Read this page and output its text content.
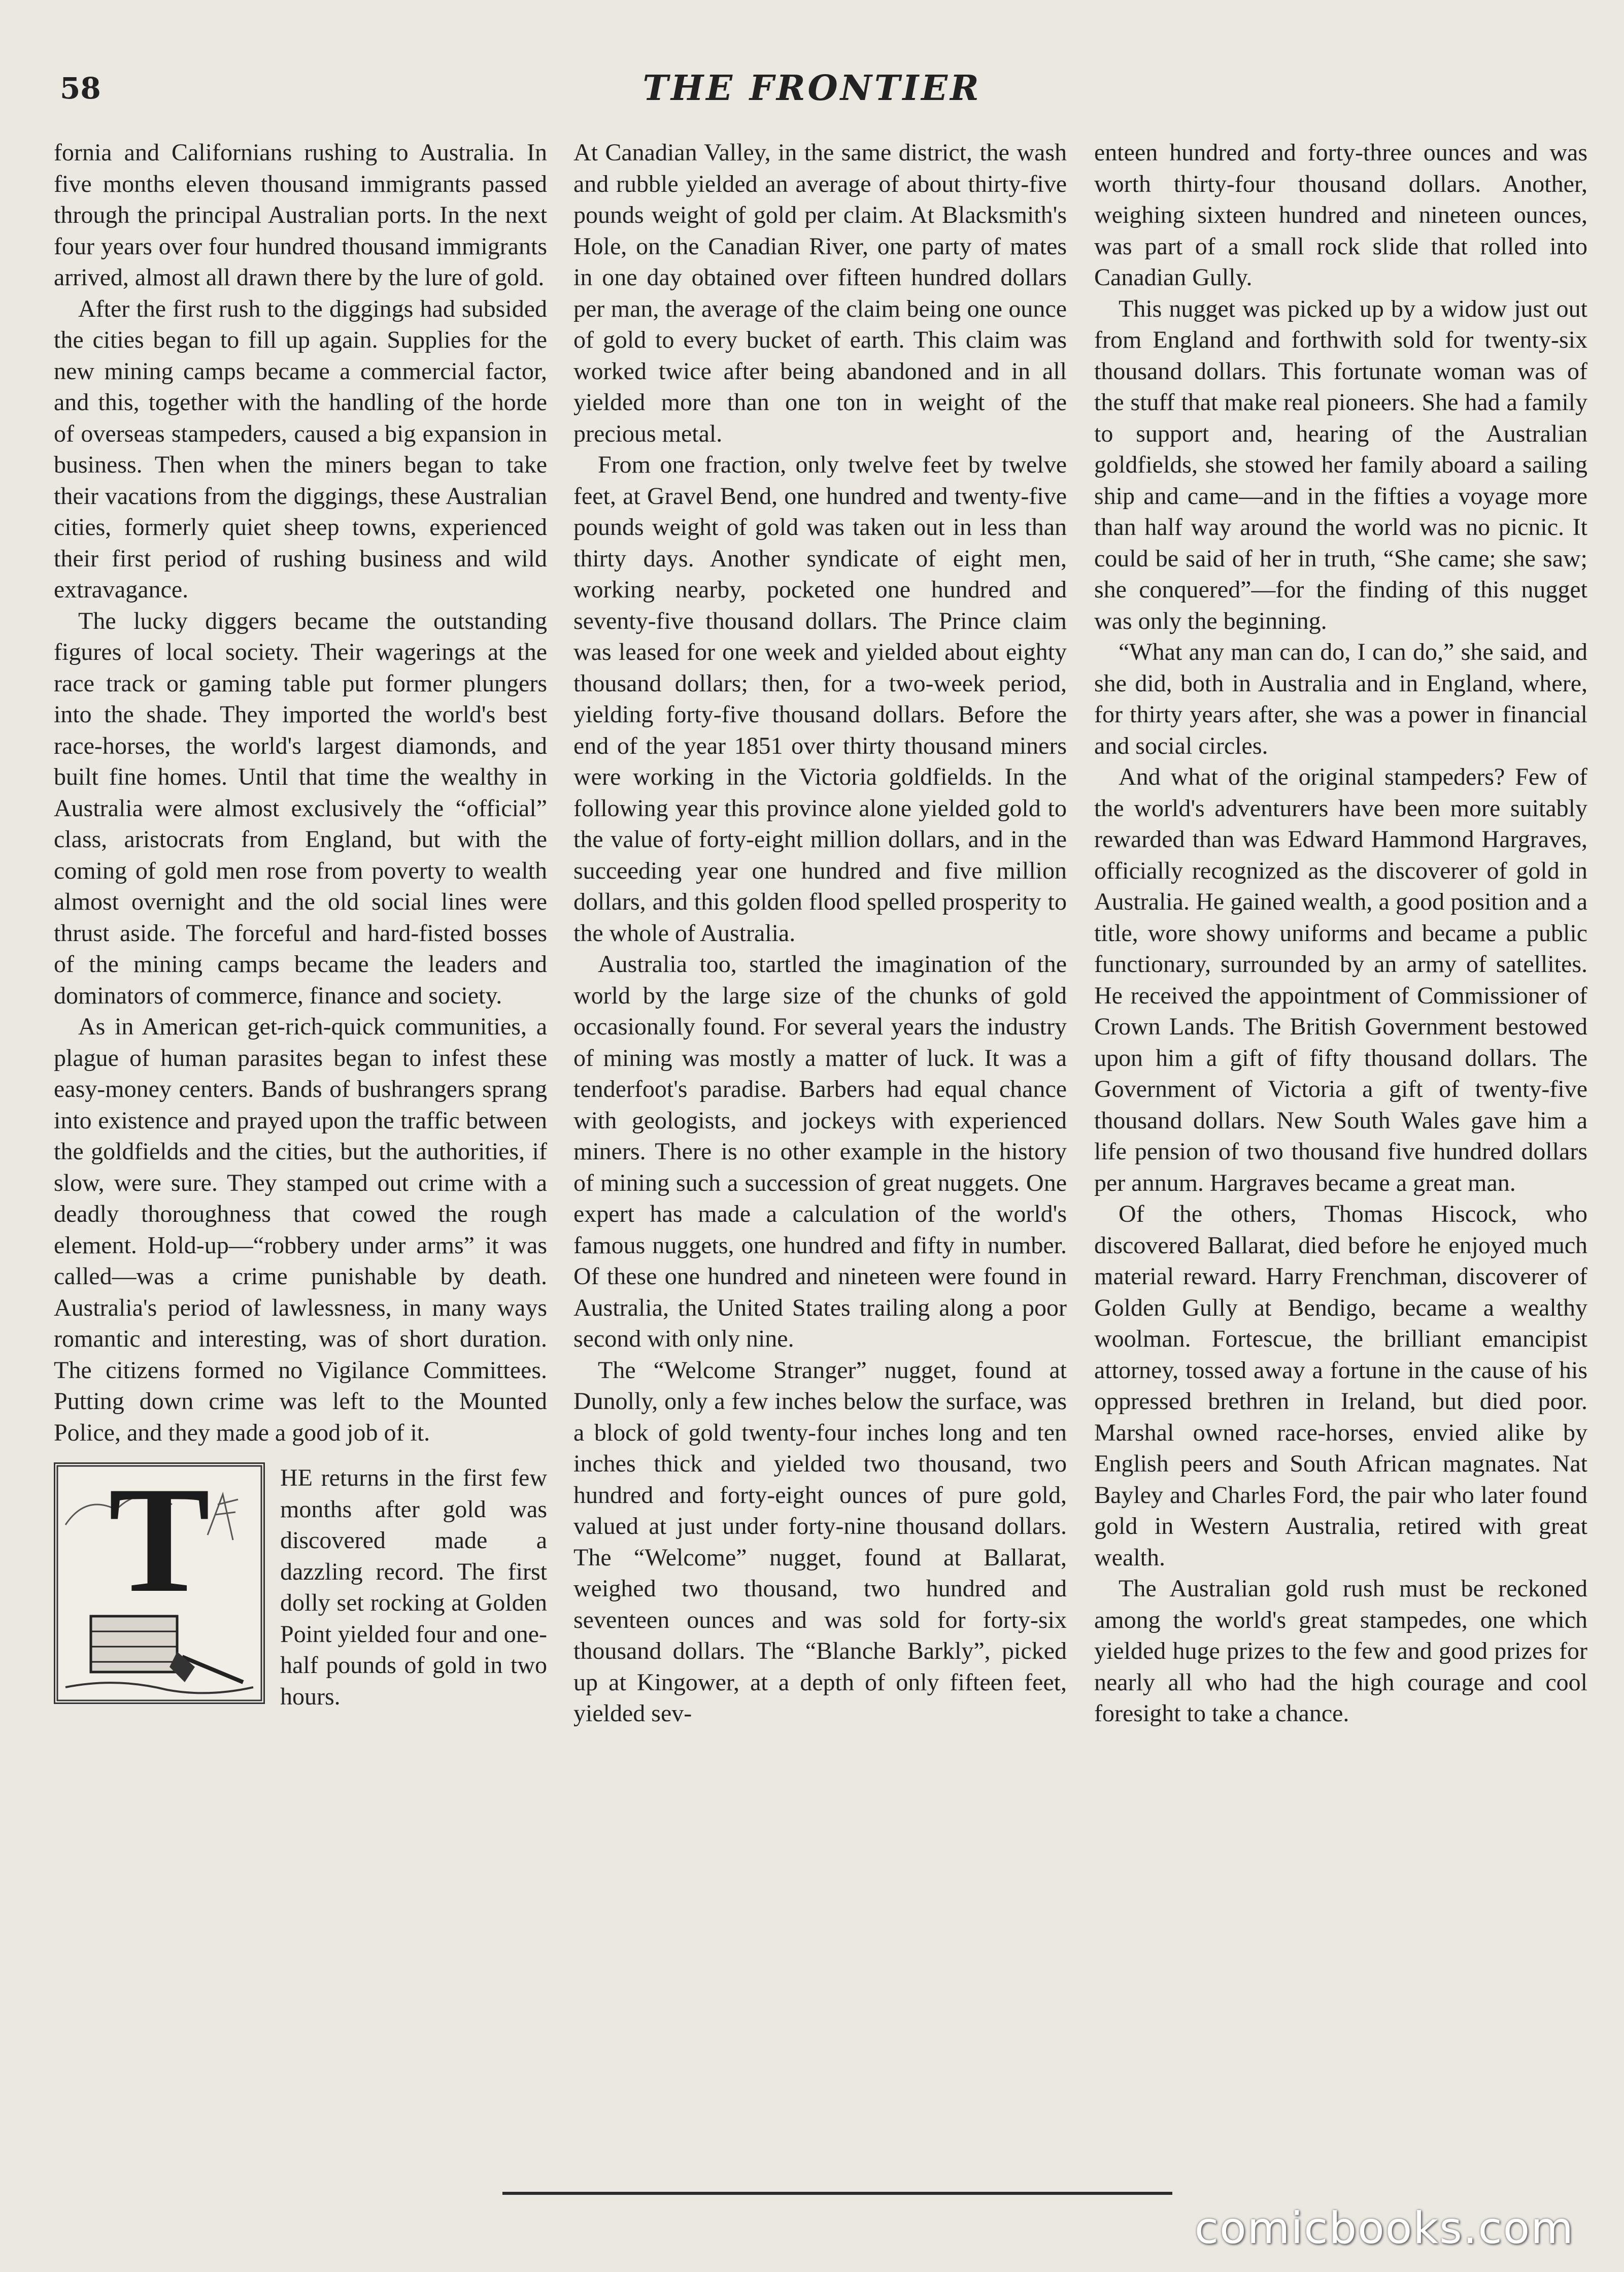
58	THE FRONTIER

fornia and Californians rushing to Australia. In five months eleven thousand immigrants passed through the principal Australian ports. In the next four years over four hundred thousand immigrants arrived, almost all drawn there by the lure of gold.

After the first rush to the diggings had subsided the cities began to fill up again. Supplies for the new mining camps became a commercial factor, and this, together with the handling of the horde of overseas stampeders, caused a big expansion in business. Then when the miners began to take their vacations from the diggings, these Australian cities, formerly quiet sheep towns, experienced their first period of rushing business and wild extravagance.

The lucky diggers became the outstanding figures of local society. Their wagerings at the race track or gaming table put former plungers into the shade. They imported the world's best race-horses, the world's largest diamonds, and built fine homes. Until that time the wealthy in Australia were almost exclusively the “official” class, aristocrats from England, but with the coming of gold men rose from poverty to wealth almost overnight and the old social lines were thrust aside. The forceful and hard-fisted bosses of the mining camps became the leaders and dominators of commerce, finance and society.

As in American get-rich-quick communities, a plague of human parasites began to infest these easy-money centers. Bands of bushrangers sprang into existence and prayed upon the traffic between the goldfields and the cities, but the authorities, if slow, were sure. They stamped out crime with a deadly thoroughness that cowed the rough element. Hold-up—“robbery under arms” it was called—was a crime punishable by death. Australia's period of lawlessness, in many ways romantic and interesting, was of short duration. The citizens formed no Vigilance Committees. Putting down crime was left to the Mounted Police, and they made a good job of it.

T	HE returns in the first few months after gold was discovered made a dazzling record. The first dolly set rocking at Golden Point yielded four and one-half pounds of gold in two hours.

At Canadian Valley, in the same district, the wash and rubble yielded an average of about thirty-five pounds weight of gold per claim. At Blacksmith's Hole, on the Canadian River, one party of mates in one day obtained over fifteen hundred dollars per man, the average of the claim being one ounce of gold to every bucket of earth. This claim was worked twice after being abandoned and in all yielded more than one ton in weight of the precious metal.

From one fraction, only twelve feet by twelve feet, at Gravel Bend, one hundred and twenty-five pounds weight of gold was taken out in less than thirty days. Another syndicate of eight men, working nearby, pocketed one hundred and seventy-five thousand dollars. The Prince claim was leased for one week and yielded about eighty thousand dollars; then, for a two-week period, yielding forty-five thousand dollars. Before the end of the year 1851 over thirty thousand miners were working in the Victoria goldfields. In the following year this province alone yielded gold to the value of forty-eight million dollars, and in the succeeding year one hundred and five million dollars, and this golden flood spelled prosperity to the whole of Australia.

Australia too, startled the imagination of the world by the large size of the chunks of gold occasionally found. For several years the industry of mining was mostly a matter of luck. It was a tenderfoot's paradise. Barbers had equal chance with geologists, and jockeys with experienced miners. There is no other example in the history of mining such a succession of great nuggets. One expert has made a calculation of the world's famous nuggets, one hundred and fifty in number. Of these one hundred and nineteen were found in Australia, the United States trailing along a poor second with only nine.

The “Welcome Stranger” nugget, found at Dunolly, only a few inches below the surface, was a block of gold twenty-four inches long and ten inches thick and yielded two thousand, two hundred and forty-eight ounces of pure gold, valued at just under forty-nine thousand dollars. The “Welcome” nugget, found at Ballarat, weighed two thousand, two hundred and seventeen ounces and was sold for forty-six thousand dollars. The “Blanche Barkly”, picked up at Kingower, at a depth of only fifteen feet, yielded sev-

enteen hundred and forty-three ounces and was worth thirty-four thousand dollars. Another, weighing sixteen hundred and nineteen ounces, was part of a small rock slide that rolled into Canadian Gully.

This nugget was picked up by a widow just out from England and forthwith sold for twenty-six thousand dollars. This fortunate woman was of the stuff that make real pioneers. She had a family to support and, hearing of the Australian goldfields, she stowed her family aboard a sailing ship and came—and in the fifties a voyage more than half way around the world was no picnic. It could be said of her in truth, “She came; she saw; she conquered”—for the finding of this nugget was only the beginning.

“What any man can do, I can do,” she said, and she did, both in Australia and in England, where, for thirty years after, she was a power in financial and social circles.

And what of the original stampeders? Few of the world's adventurers have been more suitably rewarded than was Edward Hammond Hargraves, officially recognized as the discoverer of gold in Australia. He gained wealth, a good position and a title, wore showy uniforms and became a public functionary, surrounded by an army of satellites. He received the appointment of Commissioner of Crown Lands. The British Government bestowed upon him a gift of fifty thousand dollars. The Government of Victoria a gift of twenty-five thousand dollars. New South Wales gave him a life pension of two thousand five hundred dollars per annum. Hargraves became a great man.

Of the others, Thomas Hiscock, who discovered Ballarat, died before he enjoyed much material reward. Harry Frenchman, discoverer of Golden Gully at Bendigo, became a wealthy woolman. Fortescue, the brilliant emancipist attorney, tossed away a fortune in the cause of his oppressed brethren in Ireland, but died poor. Marshal owned race-horses, envied alike by English peers and South African magnates. Nat Bayley and Charles Ford, the pair who later found gold in Western Australia, retired with great wealth.

The Australian gold rush must be reckoned among the world's great stampedes, one which yielded huge prizes to the few and good prizes for nearly all who had the high courage and cool foresight to take a chance.

comicbooks.com
